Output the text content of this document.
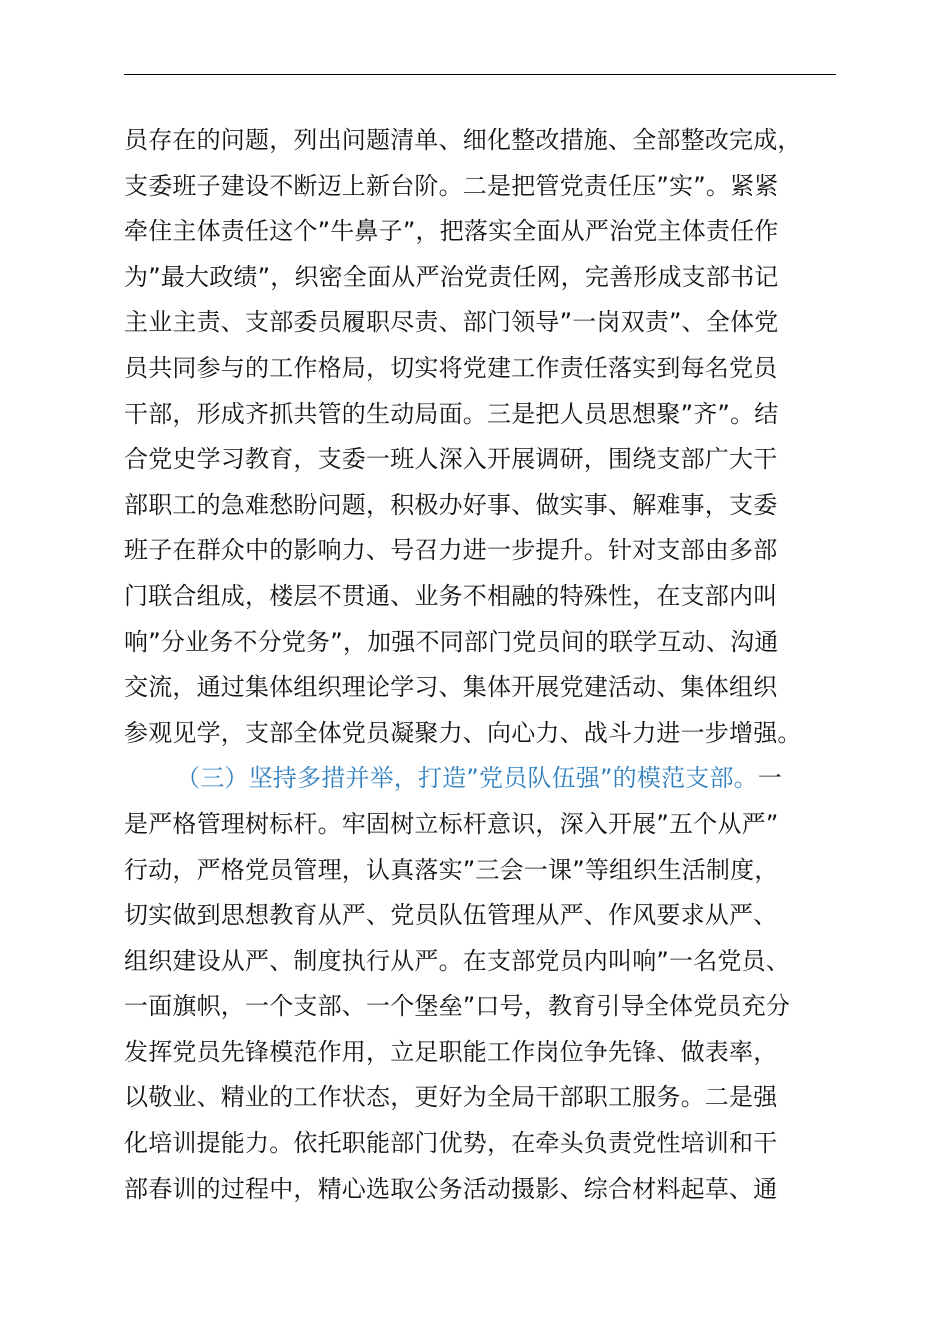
员存在的问题，列出问题清单、细化整改措施、全部整改完成，
支委班子建设不断迈上新台阶。二是把管党责任压”实”。紧紧
牵住主体责任这个”牛鼻子”，把落实全面从严治党主体责任作
为”最大政绩”，织密全面从严治党责任网，完善形成支部书记
主业主责、支部委员履职尽责、部门领导”一岗双责”、全体党
员共同参与的工作格局，切实将党建工作责任落实到每名党员
干部，形成齐抓共管的生动局面。三是把人员思想聚”齐”。结
合党史学习教育，支委一班人深入开展调研，围绕支部广大干
部职工的急难愁盼问题，积极办好事、做实事、解难事，支委
班子在群众中的影响力、号召力进一步提升。针对支部由多部
门联合组成，楼层不贯通、业务不相融的特殊性，在支部内叫
响”分业务不分党务”，加强不同部门党员间的联学互动、沟通
交流，通过集体组织理论学习、集体开展党建活动、集体组织
参观见学，支部全体党员凝聚力、向心力、战斗力进一步增强。
（三）坚持多措并举，打造”党员队伍强”的模范支部。一
是严格管理树标杆。牢固树立标杆意识，深入开展”五个从严”
行动，严格党员管理，认真落实”三会一课”等组织生活制度，
切实做到思想教育从严、党员队伍管理从严、作风要求从严、
组织建设从严、制度执行从严。在支部党员内叫响”一名党员、
一面旗帜，一个支部、一个堡垒”口号，教育引导全体党员充分
发挥党员先锋模范作用，立足职能工作岗位争先锋、做表率，
以敬业、精业的工作状态，更好为全局干部职工服务。二是强
化培训提能力。依托职能部门优势，在牵头负责党性培训和干
部春训的过程中，精心选取公务活动摄影、综合材料起草、通
